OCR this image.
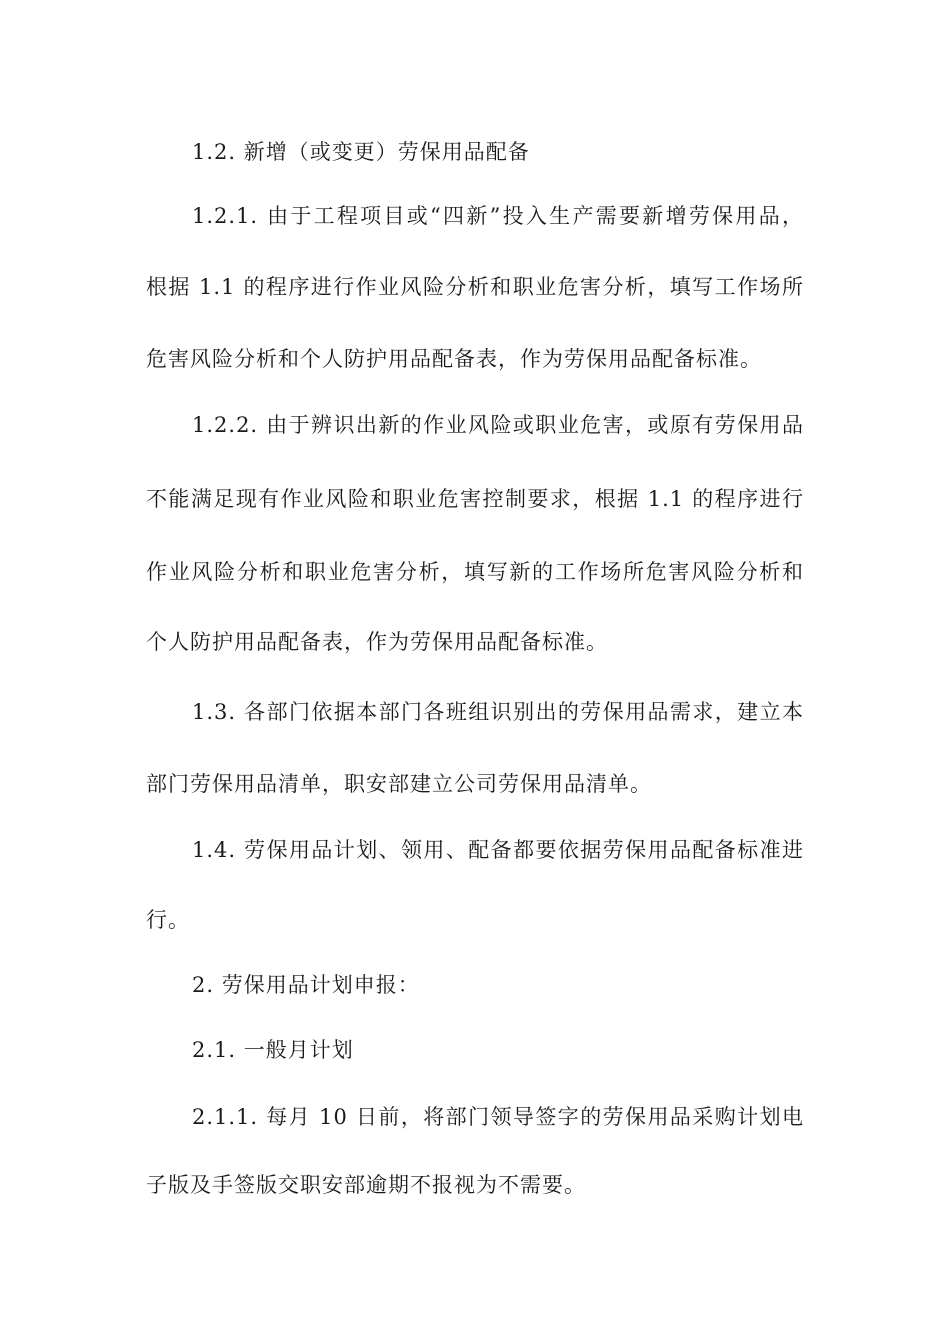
1.2. 新增（或变更）劳保用品配备
1.2.1. 由于工程项目或“四新”投入生产需要新增劳保用品，
根据 1.1 的程序进行作业风险分析和职业危害分析，填写工作场所
危害风险分析和个人防护用品配备表，作为劳保用品配备标准。
1.2.2. 由于辨识出新的作业风险或职业危害，或原有劳保用品
不能满足现有作业风险和职业危害控制要求，根据 1.1 的程序进行
作业风险分析和职业危害分析，填写新的工作场所危害风险分析和
个人防护用品配备表，作为劳保用品配备标准。
1.3. 各部门依据本部门各班组识别出的劳保用品需求，建立本
部门劳保用品清单，职安部建立公司劳保用品清单。
1.4. 劳保用品计划、领用、配备都要依据劳保用品配备标准进
行。
2. 劳保用品计划申报：
2.1. 一般月计划
2.1.1. 每月 10 日前，将部门领导签字的劳保用品采购计划电
子版及手签版交职安部逾期不报视为不需要。
